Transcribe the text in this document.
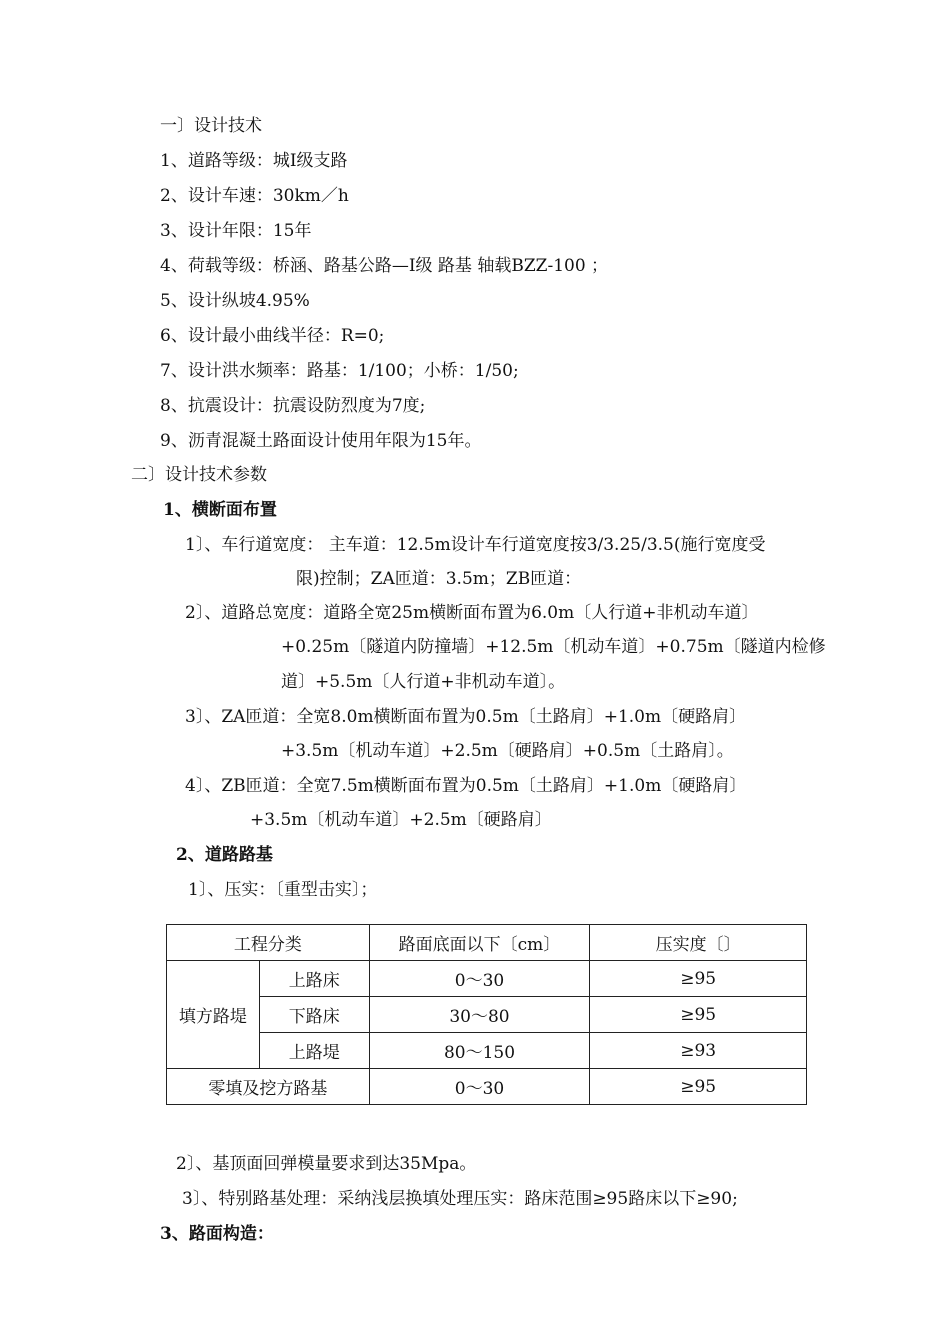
一〕设计技术
1、道路等级：城Ⅰ级支路
2、设计车速：30km／h
3、设计年限：15年
4、荷载等级：桥涵、路基公路—Ⅰ级 路基 轴载BZZ-100 ；
5、设计纵坡4.95%
6、设计最小曲线半径：R=0;
7、设计洪水频率：路基：1/100；小桥：1/50;
8、抗震设计：抗震设防烈度为7度;
9、沥青混凝土路面设计使用年限为15年。
二〕设计技术参数
1、横断面布置
1〕、车行道宽度： 主车道：12.5m设计车行道宽度按3/3.25/3.5(施行宽度受
限)控制；ZA匝道：3.5m；ZB匝道：
2〕、道路总宽度：道路全宽25m横断面布置为6.0m〔人行道+非机动车道〕
+0.25m〔隧道内防撞墙〕+12.5m〔机动车道〕+0.75m〔隧道内检修
道〕+5.5m〔人行道+非机动车道〕。
3〕、ZA匝道：全宽8.0m横断面布置为0.5m〔土路肩〕+1.0m〔硬路肩〕
+3.5m〔机动车道〕+2.5m〔硬路肩〕+0.5m〔土路肩〕。
4〕、ZB匝道：全宽7.5m横断面布置为0.5m〔土路肩〕+1.0m〔硬路肩〕
+3.5m〔机动车道〕+2.5m〔硬路肩〕
2、道路路基
1〕、压实：〔重型击实〕；
工程分类		路面底面以下〔cm〕	压实度〔〕
填方路堤	上路床	0～30	≥95
	下路床	30～80	≥95
	上路堤	80～150	≥93
零填及挖方路基		0～30	≥95
2〕、基顶面回弹模量要求到达35Mpa。
3〕、特别路基处理：采纳浅层换填处理压实：路床范围≥95路床以下≥90;
3、路面构造：
